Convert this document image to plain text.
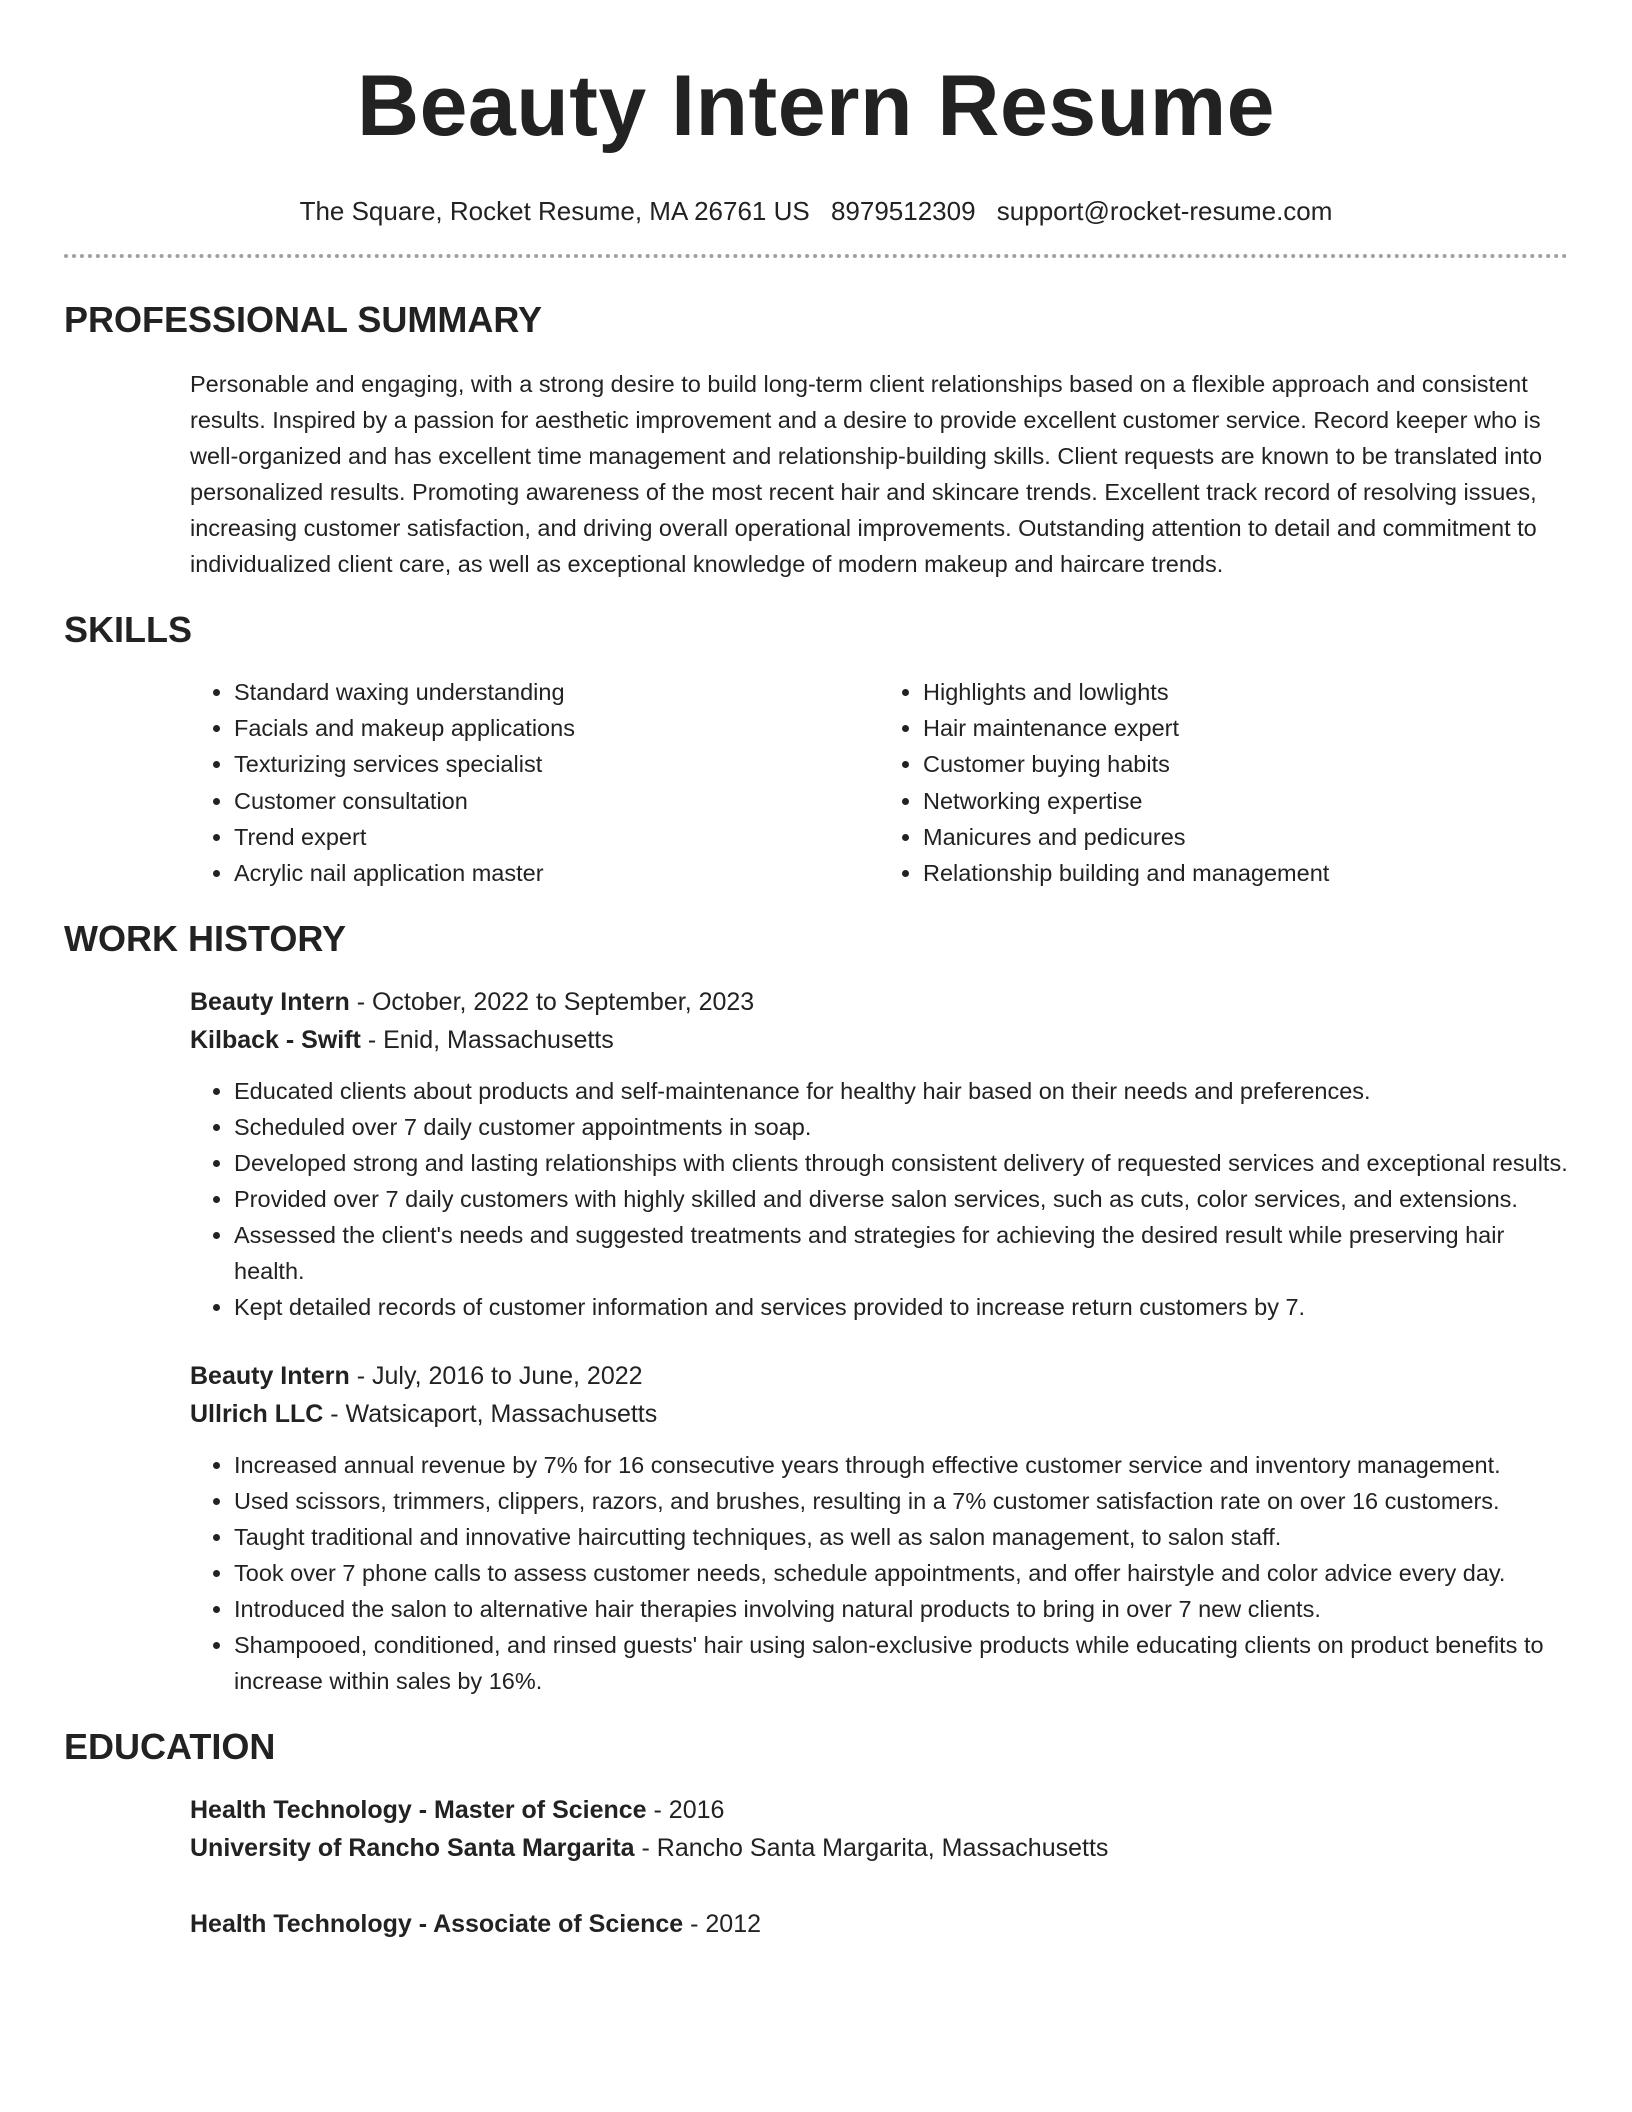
Beauty Intern Resume
The Square, Rocket Resume, MA 26761 US 8979512309 support@rocket-resume.com
PROFESSIONAL SUMMARY

Personable and engaging, with a strong desire to build long-term client relationships based on a flexible approach and consistent results. Inspired by a passion for aesthetic improvement and a desire to provide excellent customer service. Record keeper who is well-organized and has excellent time management and relationship-building skills. Client requests are known to be translated into personalized results. Promoting awareness of the most recent hair and skincare trends. Excellent track record of resolving issues, increasing customer satisfaction, and driving overall operational improvements. Outstanding attention to detail and commitment to individualized client care, as well as exceptional knowledge of modern makeup and haircare trends.

SKILLS
• Standard waxing understanding
• Facials and makeup applications
• Texturizing services specialist
• Customer consultation
• Trend expert
• Acrylic nail application master
• Highlights and lowlights
• Hair maintenance expert
• Customer buying habits
• Networking expertise
• Manicures and pedicures
• Relationship building and management
WORK HISTORY
Beauty Intern - October, 2022 to September, 2023
Kilback - Swift - Enid, Massachusetts
• Educated clients about products and self-maintenance for healthy hair based on their needs and preferences.
• Scheduled over 7 daily customer appointments in soap.
• Developed strong and lasting relationships with clients through consistent delivery of requested services and exceptional results.
• Provided over 7 daily customers with highly skilled and diverse salon services, such as cuts, color services, and extensions.
• Assessed the client's needs and suggested treatments and strategies for achieving the desired result while preserving hair health.
• Kept detailed records of customer information and services provided to increase return customers by 7.
Beauty Intern - July, 2016 to June, 2022
Ullrich LLC - Watsicaport, Massachusetts
• Increased annual revenue by 7% for 16 consecutive years through effective customer service and inventory management.
• Used scissors, trimmers, clippers, razors, and brushes, resulting in a 7% customer satisfaction rate on over 16 customers.
• Taught traditional and innovative haircutting techniques, as well as salon management, to salon staff.
• Took over 7 phone calls to assess customer needs, schedule appointments, and offer hairstyle and color advice every day.
• Introduced the salon to alternative hair therapies involving natural products to bring in over 7 new clients.
• Shampooed, conditioned, and rinsed guests' hair using salon-exclusive products while educating clients on product benefits to increase within sales by 16%.
EDUCATION
Health Technology - Master of Science - 2016
University of Rancho Santa Margarita - Rancho Santa Margarita, Massachusetts
Health Technology - Associate of Science - 2012
